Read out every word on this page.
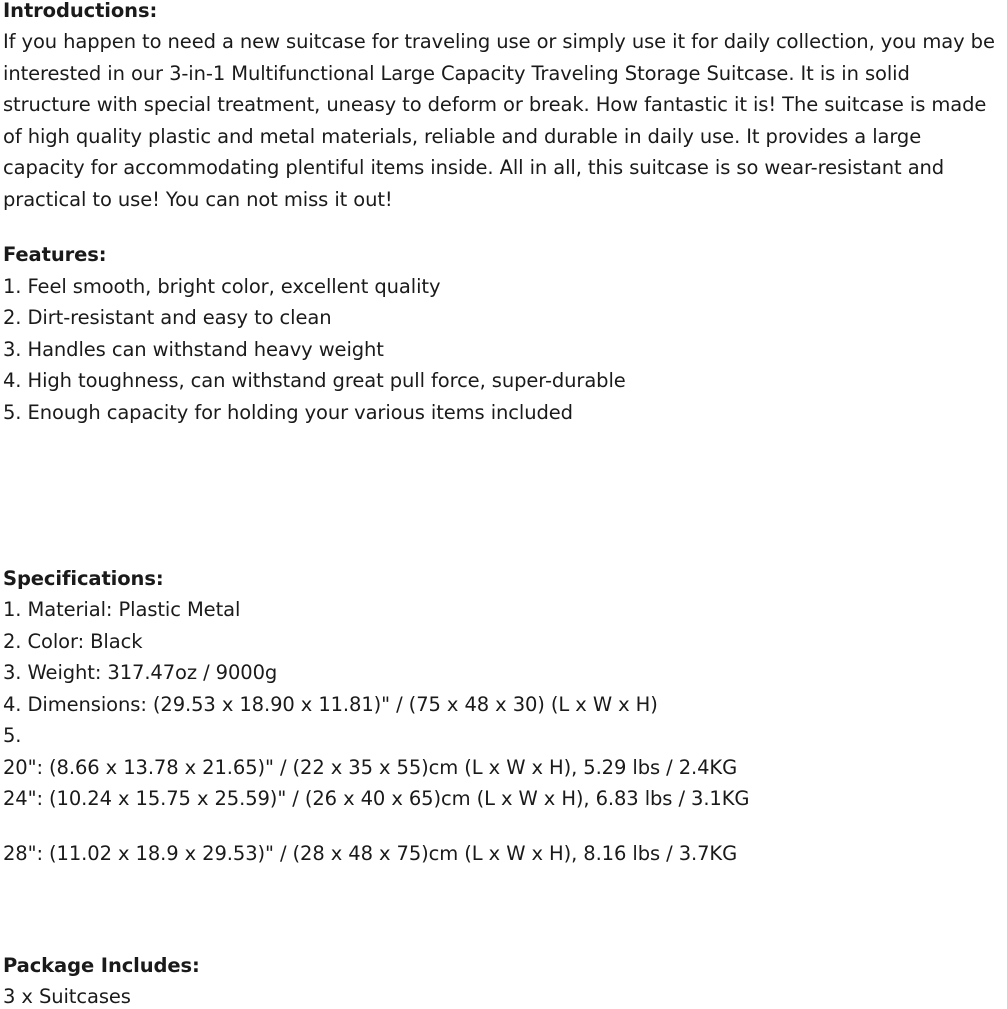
Introductions:
If you happen to need a new suitcase for traveling use or simply use it for daily collection, you may be
interested in our 3-in-1 Multifunctional Large Capacity Traveling Storage Suitcase. It is in solid
structure with special treatment, uneasy to deform or break. How fantastic it is! The suitcase is made
of high quality plastic and metal materials, reliable and durable in daily use. It provides a large
capacity for accommodating plentiful items inside. All in all, this suitcase is so wear-resistant and
practical to use! You can not miss it out!
Features:
1. Feel smooth, bright color, excellent quality
2. Dirt-resistant and easy to clean
3. Handles can withstand heavy weight
4. High toughness, can withstand great pull force, super-durable
5. Enough capacity for holding your various items included
Specifications:
1. Material: Plastic Metal
2. Color: Black
3. Weight: 317.47oz / 9000g
4. Dimensions: (29.53 x 18.90 x 11.81)" / (75 x 48 x 30) (L x W x H)
5.
20": (8.66 x 13.78 x 21.65)" / (22 x 35 x 55)cm (L x W x H), 5.29 lbs / 2.4KG
24": (10.24 x 15.75 x 25.59)" / (26 x 40 x 65)cm (L x W x H), 6.83 lbs / 3.1KG
28": (11.02 x 18.9 x 29.53)" / (28 x 48 x 75)cm (L x W x H), 8.16 lbs / 3.7KG
Package Includes:
3 x Suitcases
